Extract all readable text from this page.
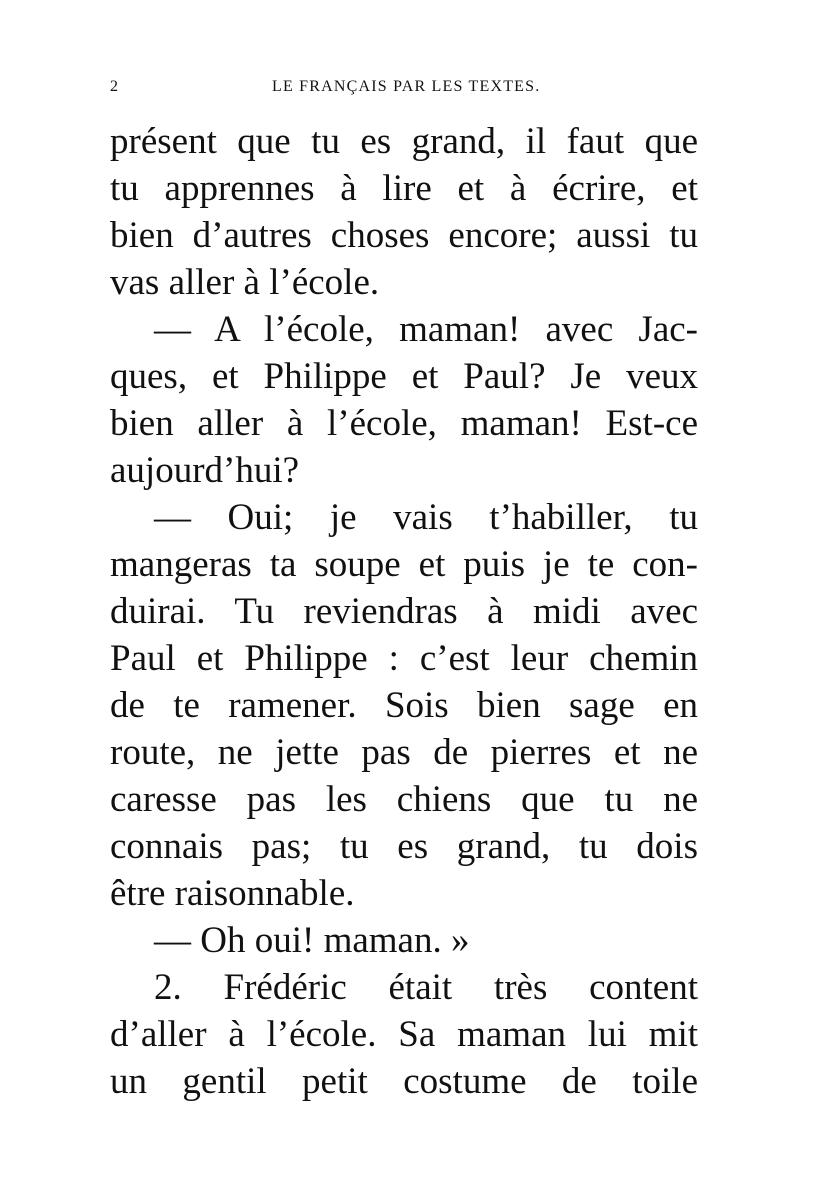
2	LE FRANÇAIS PAR LES TEXTES.
présent que tu es grand, il faut que
tu apprennes à lire et à écrire, et
bien d’autres choses encore; aussi tu
vas aller à l’école.
— A l’école, maman! avec Jac-
ques, et Philippe et Paul? Je veux
bien aller à l’école, maman! Est-ce
aujourd’hui?
— Oui; je vais t’habiller, tu
mangeras ta soupe et puis je te con-
duirai. Tu reviendras à midi avec
Paul et Philippe : c’est leur chemin
de te ramener. Sois bien sage en
route, ne jette pas de pierres et ne
caresse pas les chiens que tu ne
connais pas; tu es grand, tu dois
être raisonnable.
— Oh oui! maman. »
2. Frédéric était très content
d’aller à l’école. Sa maman lui mit
un gentil petit costume de toile
